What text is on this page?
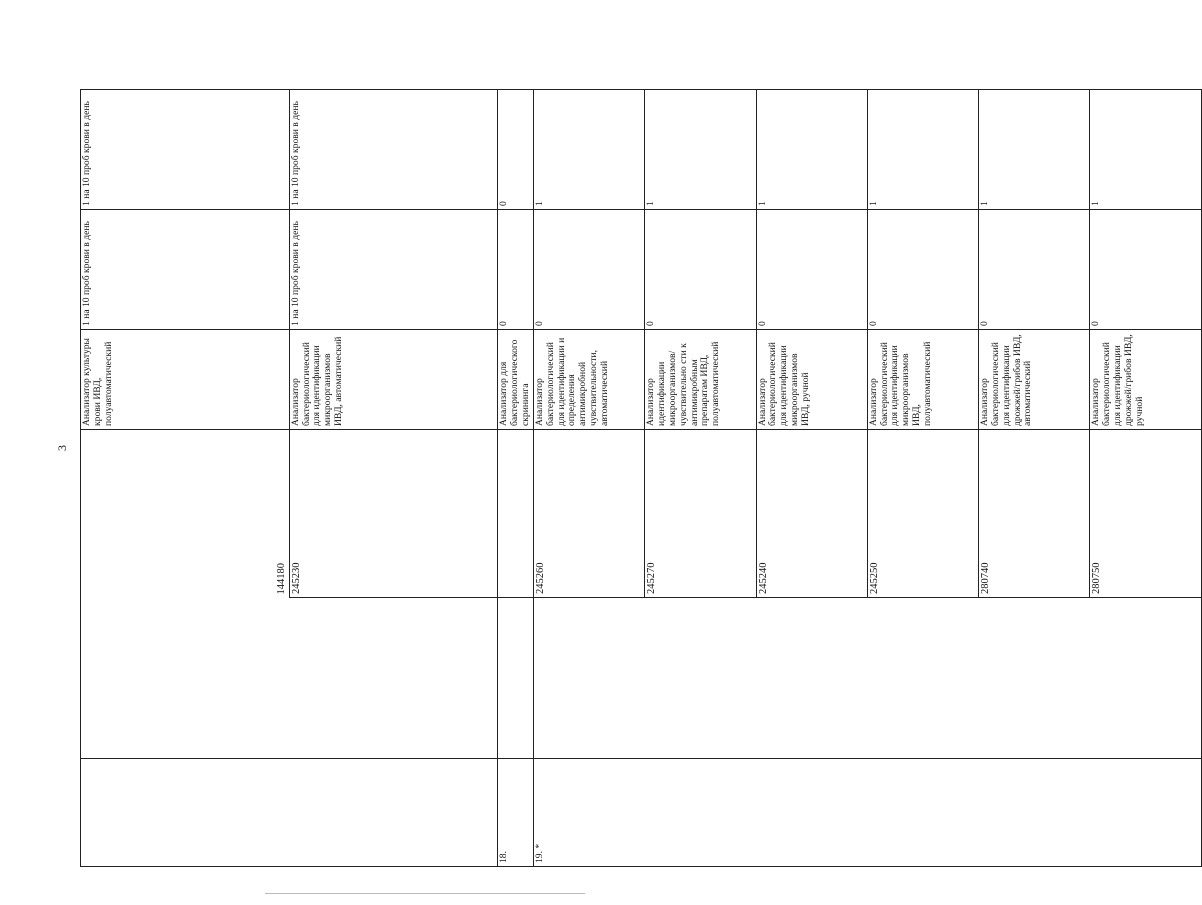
3
		144180	Анализатор культуры крови ИВД, полуавтоматический	1 на 10 проб крови в день	1 на 10 проб крови в день	
		245230	Анализатор бактериологический для идентификации микроорганизмов ИВД, автоматический	1 на 10 проб крови в день	1 на 10 проб крови в день	
18.			Анализатор для бактериологического скрининга	0	0	
19. *		245260	Анализатор бактериологический для идентификации и определения антимикробной чувствительности, автоматический	0	1	
		245270	Анализатор идентификации микроорганизмов/чувствительно сти к антимикробным препаратам ИВД, полуавтоматический	0	1	
		245240	Анализатор бактериологический для идентификации микроорганизмов ИВД, ручной	0	1	
		245250	Анализатор бактериологический для идентификации микроорганизмов ИВД, полуавтоматический	0	1	
		280740	Анализатор бактериологический для идентификации дрожжей/грибов ИВД, автоматический	0	1	
		280750	Анализатор бактериологический для идентификации дрожжей/грибов ИВД, ручной	0	1	
